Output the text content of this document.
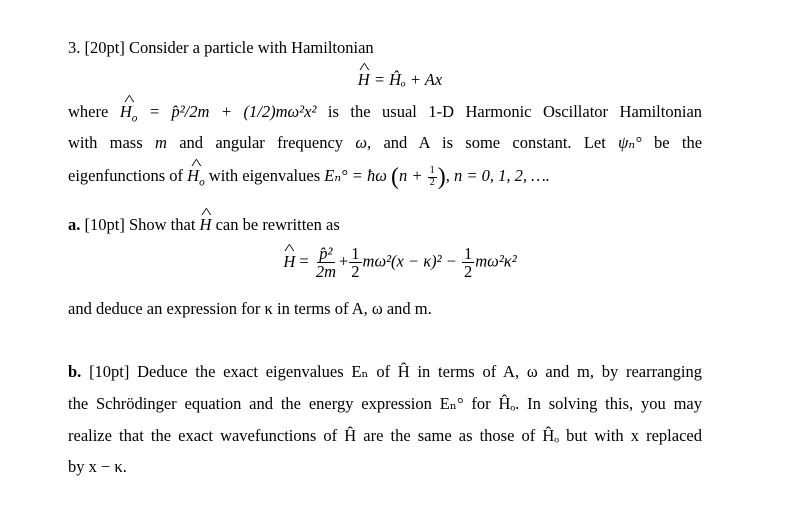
3. [20pt] Consider a particle with Hamiltonian
^ H = Ĥₒ + Ax
where ^ $H_o$ = p̂²/2m + (1/2)mω²x² is the usual 1-D Harmonic Oscillator Hamiltonian
with mass m and angular frequency ω, and A is some constant. Let ψₙ° be the
eigenfunctions of ^ $H_o$ with eigenvalues Eₙ° = ħω ($n + \frac{1}{2}$ ), n = 0, 1, 2, ….
a. [10pt] Show that ^ H can be rewritten as
^ $H = \frac{\text{p̂²}}{2m} + \frac{1}{2} m\omega^2(x - \kappa)^2 - \frac{1}{2} m\omega^2\kappa^2$
and deduce an expression for κ in terms of A, ω and m.
b. [10pt] Deduce the exact eigenvalues Eₙ of Ĥ in terms of A, ω and m, by rearranging
the Schrödinger equation and the energy expression Eₙ° for Ĥₒ. In solving this, you may
realize that the exact wavefunctions of Ĥ are the same as those of Ĥₒ but with x replaced
by x − κ.
